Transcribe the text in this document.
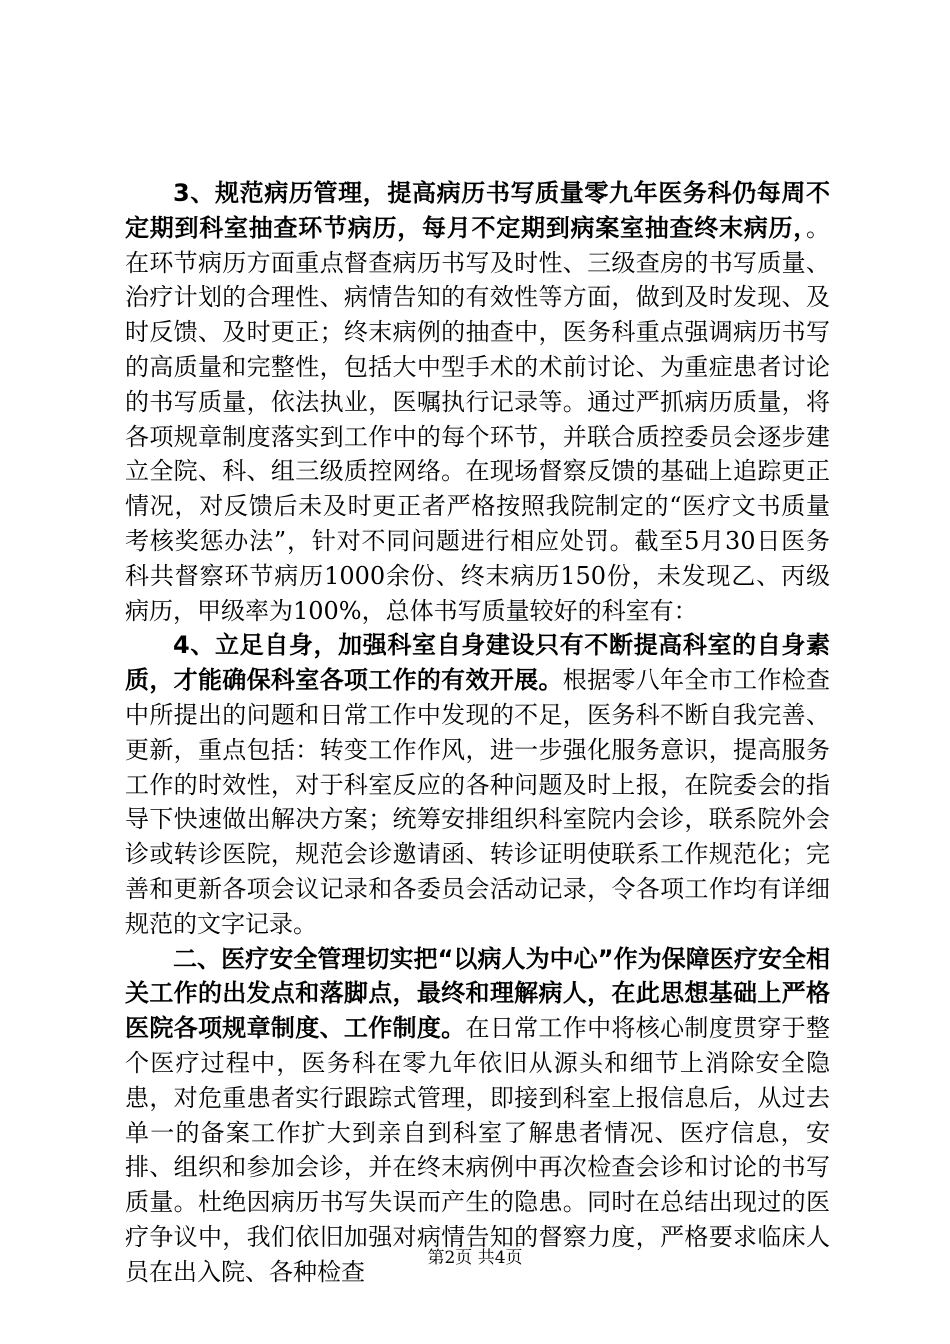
3、规范病历管理，提高病历书写质量零九年医务科仍每周不定期到科室抽查环节病历，每月不定期到病案室抽查终末病历，。在环节病历方面重点督查病历书写及时性、三级查房的书写质量、治疗计划的合理性、病情告知的有效性等方面，做到及时发现、及时反馈、及时更正；终末病例的抽查中，医务科重点强调病历书写的高质量和完整性，包括大中型手术的术前讨论、为重症患者讨论的书写质量，依法执业，医嘱执行记录等。通过严抓病历质量，将各项规章制度落实到工作中的每个环节，并联合质控委员会逐步建立全院、科、组三级质控网络。在现场督察反馈的基础上追踪更正情况，对反馈后未及时更正者严格按照我院制定的“医疗文书质量考核奖惩办法”，针对不同问题进行相应处罚。截至5月30日医务科共督察环节病历1000余份、终末病历150份，未发现乙、丙级病历，甲级率为100%，总体书写质量较好的科室有：

4、立足自身，加强科室自身建设只有不断提高科室的自身素质，才能确保科室各项工作的有效开展。根据零八年全市工作检查中所提出的问题和日常工作中发现的不足，医务科不断自我完善、更新，重点包括：转变工作作风，进一步强化服务意识，提高服务工作的时效性，对于科室反应的各种问题及时上报，在院委会的指导下快速做出解决方案；统筹安排组织科室院内会诊，联系院外会诊或转诊医院，规范会诊邀请函、转诊证明使联系工作规范化；完善和更新各项会议记录和各委员会活动记录，令各项工作均有详细规范的文字记录。

二、医疗安全管理切实把“以病人为中心”作为保障医疗安全相关工作的出发点和落脚点，最终和理解病人，在此思想基础上严格医院各项规章制度、工作制度。在日常工作中将核心制度贯穿于整个医疗过程中，医务科在零九年依旧从源头和细节上消除安全隐患，对危重患者实行跟踪式管理，即接到科室上报信息后，从过去单一的备案工作扩大到亲自到科室了解患者情况、医疗信息，安排、组织和参加会诊，并在终末病例中再次检查会诊和讨论的书写质量。杜绝因病历书写失误而产生的隐患。同时在总结出现过的医疗争议中，我们依旧加强对病情告知的督察力度，严格要求临床人员在出入院、各种检查	第2页 共4页
